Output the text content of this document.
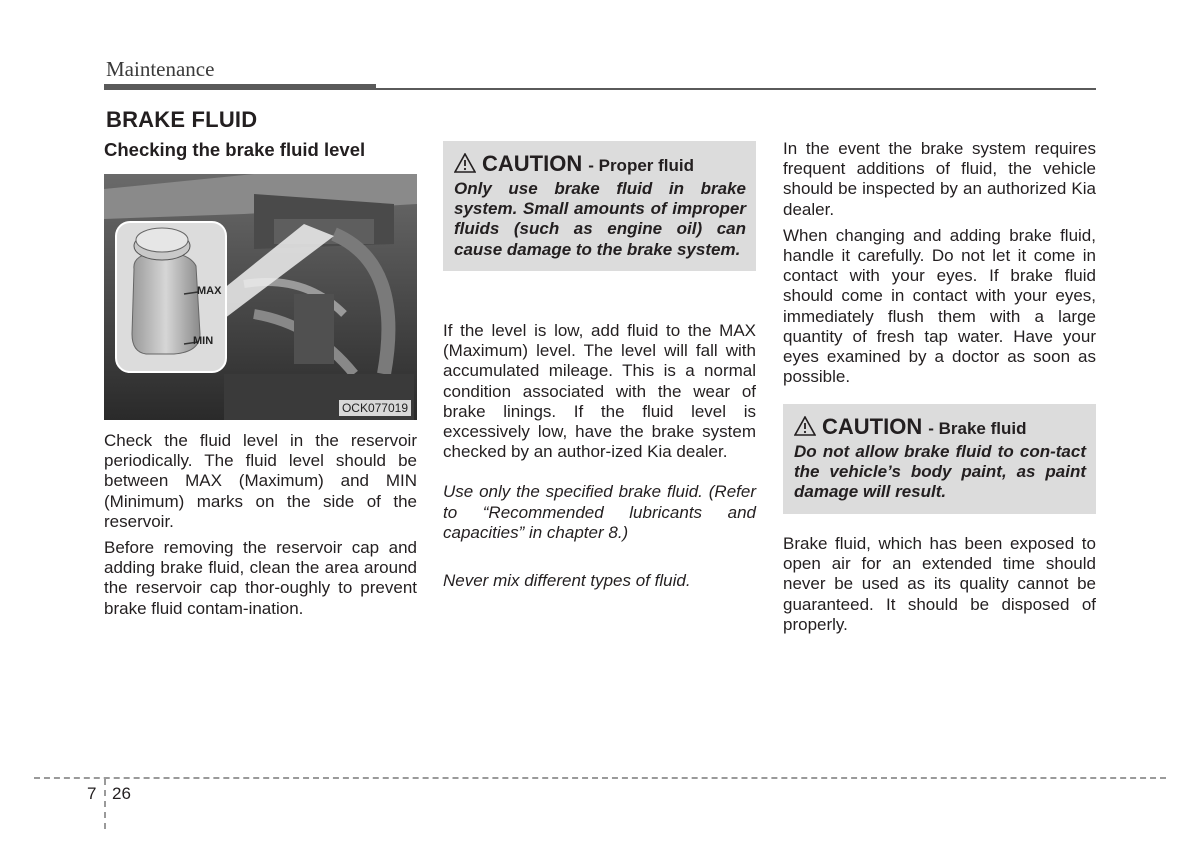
Maintenance
BRAKE FLUID
Checking the brake fluid level
MAX
MIN
OCK077019

Check the fluid level in the reservoir periodically. The fluid level should be between MAX (Maximum) and MIN (Minimum) marks on the side of the reservoir.

Before removing the reservoir cap and adding brake fluid, clean the area around the reservoir cap thor-oughly to prevent brake fluid contam-ination.

CAUTION - Proper fluid
Only use brake fluid in brake system. Small amounts of improper fluids (such as engine oil) can cause damage to the brake system.

If the level is low, add fluid to the MAX (Maximum) level. The level will fall with accumulated mileage. This is a normal condition associated with the wear of brake linings. If the fluid level is excessively low, have the brake system checked by an author-ized Kia dealer.

Use only the specified brake fluid. (Refer to “Recommended lubricants and capacities” in chapter 8.)

Never mix different types of fluid.

In the event the brake system requires frequent additions of fluid, the vehicle should be inspected by an authorized Kia dealer.

When changing and adding brake fluid, handle it carefully. Do not let it come in contact with your eyes. If brake fluid should come in contact with your eyes, immediately flush them with a large quantity of fresh tap water. Have your eyes examined by a doctor as soon as possible.

CAUTION - Brake fluid
Do not allow brake fluid to con-tact the vehicle’s body paint, as paint damage will result.

Brake fluid, which has been exposed to open air for an extended time should never be used as its quality cannot be guaranteed. It should be disposed of properly.

7 26
